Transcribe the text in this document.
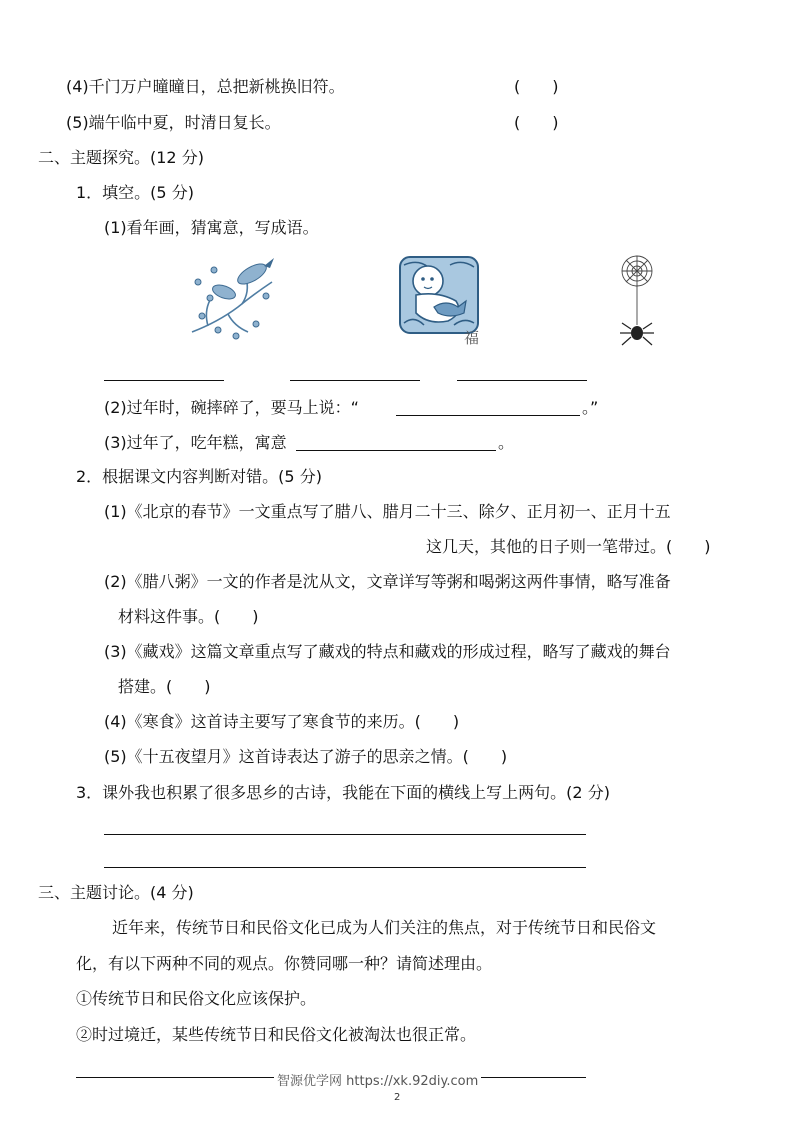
(4)千门万户曈曈日，总把新桃换旧符。	(　　)
(5)端午临中夏，时清日复长。	(　　)
二、主题探究。(12 分)
1．填空。(5 分)
(1)看年画，猜寓意，写成语。
福
(2)过年时，碗摔碎了，要马上说：“	。”
(3)过年了，吃年糕，寓意	。
2．根据课文内容判断对错。(5 分)
(1)《北京的春节》一文重点写了腊八、腊月二十三、除夕、正月初一、正月十五
这几天，其他的日子则一笔带过。(　　)
(2)《腊八粥》一文的作者是沈从文，文章详写等粥和喝粥这两件事情，略写准备
材料这件事。(　　)
(3)《藏戏》这篇文章重点写了藏戏的特点和藏戏的形成过程，略写了藏戏的舞台
搭建。(　　)
(4)《寒食》这首诗主要写了寒食节的来历。(　　)
(5)《十五夜望月》这首诗表达了游子的思亲之情。(　　)
3．课外我也积累了很多思乡的古诗，我能在下面的横线上写上两句。(2 分)
三、主题讨论。(4 分)
近年来，传统节日和民俗文化已成为人们关注的焦点，对于传统节日和民俗文
化，有以下两种不同的观点。你赞同哪一种？请简述理由。
①传统节日和民俗文化应该保护。
②时过境迁，某些传统节日和民俗文化被淘汰也很正常。
智源优学网 https://xk.92diy.com
2
